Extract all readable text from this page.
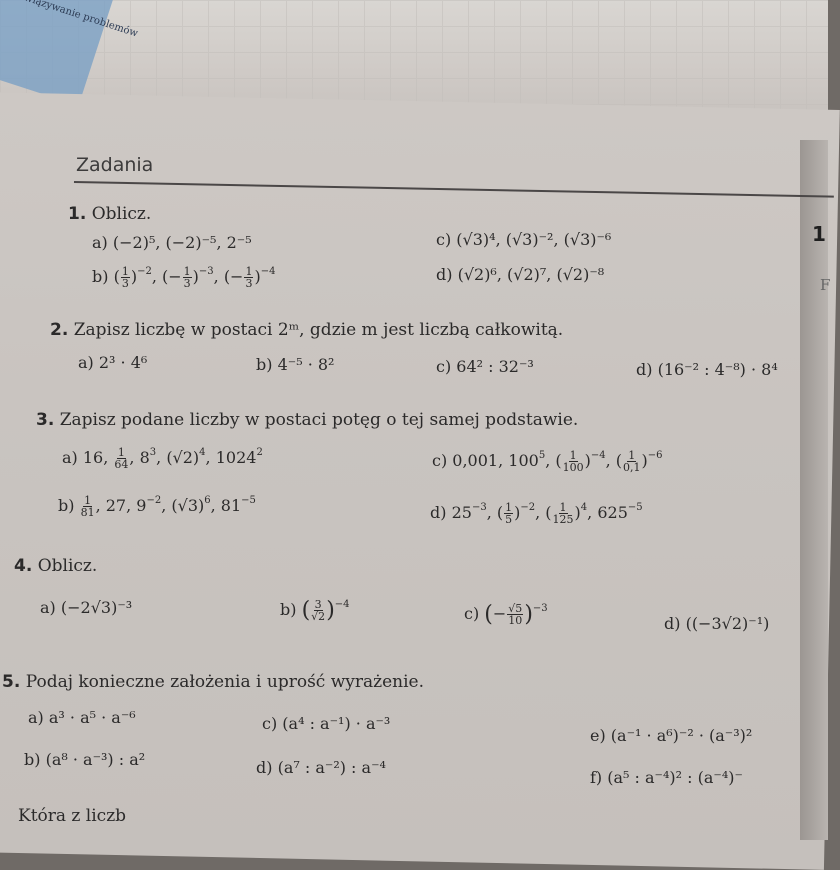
problemów
Zadania
1
F
1. Oblicz.
a) (−2)⁵, (−2)⁻⁵, 2⁻⁵	c) (√3)⁴, (√3)⁻², (√3)⁻⁶
b) ( $\frac{1}{3} )^{-2}$, (− $\frac{1}{3} )^{-3}$, (− $\frac{1}{3} )^{-4}$	d) (√2)⁶, (√2)⁷, (√2)⁻⁸
2. Zapisz liczbę w postaci 2ᵐ, gdzie m jest liczbą całkowitą.
a) 2³ · 4⁶	b) 4⁻⁵ · 8²	c) 64² : 32⁻³	d) (16⁻² : 4⁻⁸) · 8⁴
3. Zapisz podane liczby w postaci potęg o tej samej podstawie.
a) 16, $\frac{1}{64}$ , $8^3$, $(√2)^4$, 1024$^2$	c) 0,001, $100^5$, ( $\frac{1}{100} )^{-4}$, ( $\frac{1}{0,1} )^{-6}$
$b) \frac{1}{81}$ , 27, $9^{-2}$, $(√3)^6$, $81^{-5}$
d) $25^{-3}$, ( $\frac{1}{5} )^{-2}$, ( $\frac{1}{125} )^4$, $625^{-5}$
4. Oblicz.
a) (−2√3)⁻³	b) ( $\frac{3}{√2} )^{-4}$	c) (− $\frac{√5}{10} )^{-3}$
d) ((−3√2)⁻¹)
5. Podaj konieczne założenia i uprość wyrażenie.
a) a³ · a⁵ · a⁻⁶	c) (a⁴ : a⁻¹) · a⁻³
e) (a⁻¹ · a⁶)⁻² · (a⁻³)²
b) (a⁸ · a⁻³) : a²	d) (a⁷ : a⁻²) : a⁻⁴
f) (a⁵ : a⁻⁴)² : (a⁻⁴)⁻
Która z liczb
